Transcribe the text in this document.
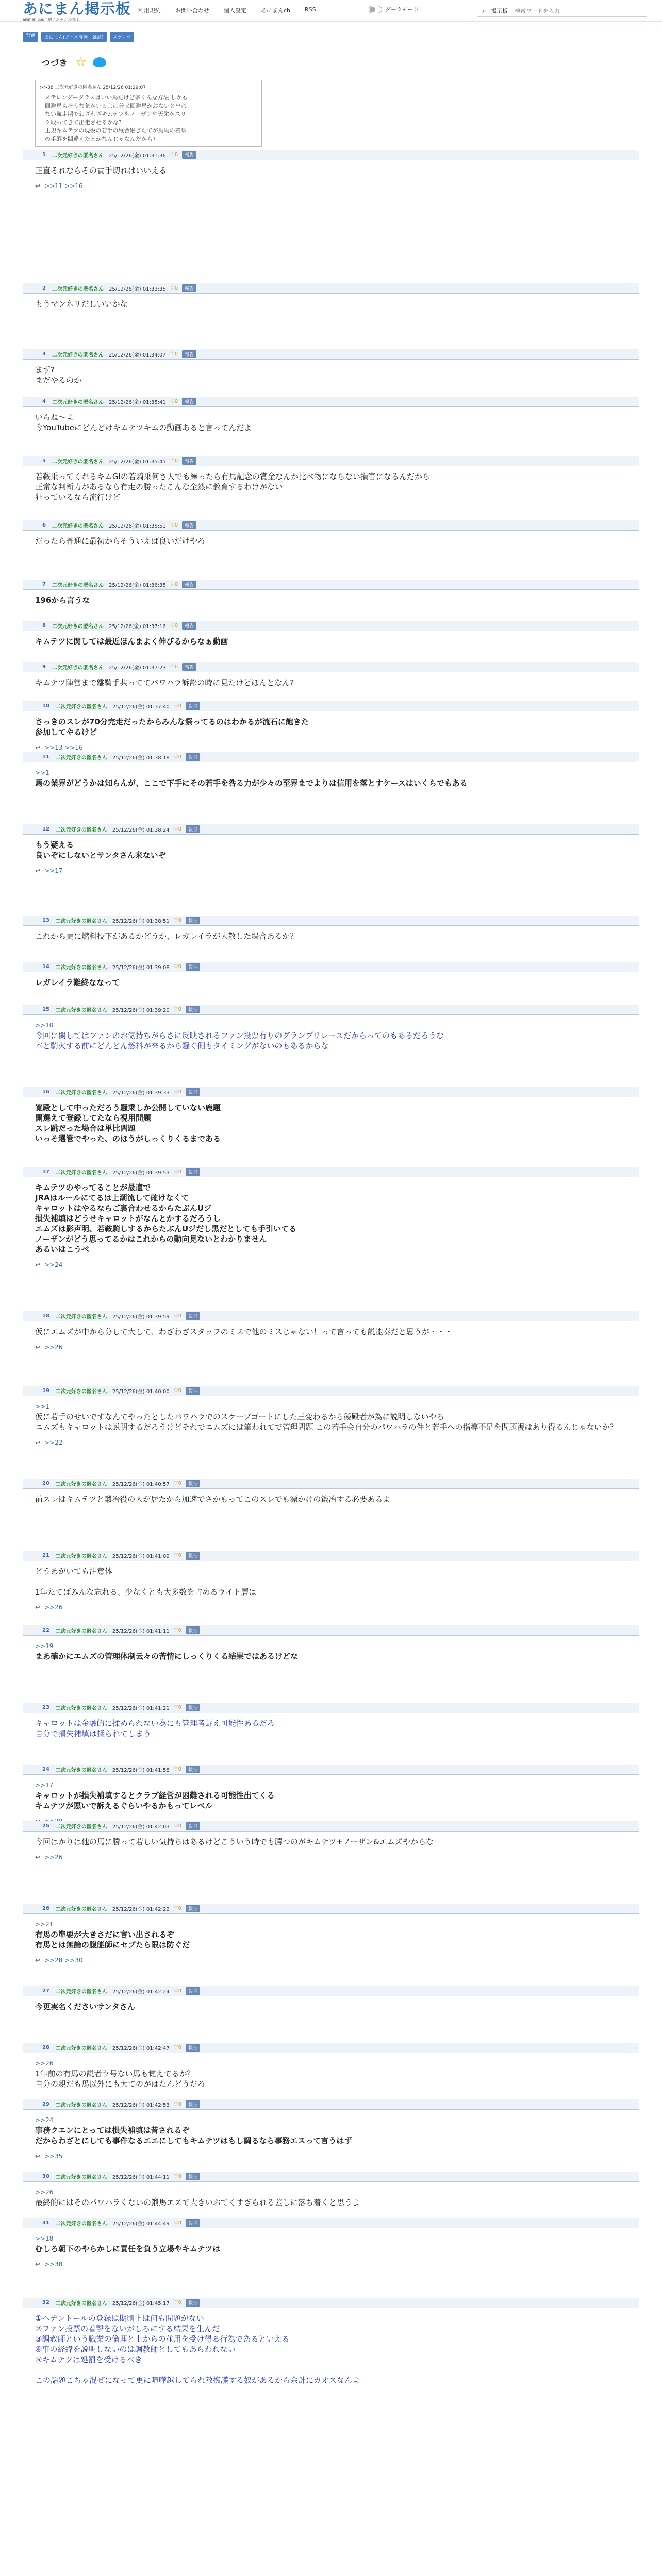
あにまん掲示板
animan bbs全般 / ジャンル無し
利用規約	お問い合わせ	個人設定	あにまんch	RSS	ダークモード	⌕ 掲示板
検索ワードを入力
TOP	あにまん(アニメ漫画・雑談)	スポーツ
つづき ☆
>>38 二次元好きの匿名さん 25/12/26 01:29:07
ステレンダーグラスはいい馬だけど多くんな方法 しかも
回避馬もそうな気がいるよは普又回避馬がおないと出れ
ない競走期でわざわざキムテツもノーザンや天栄がスリ
ク取ってきて出走させるかな?
正規キムテツの現役の若手の厩舎継ぎたてが馬馬の着順
の手綱を間違えたとかなんじゃなんだから?
1 二次元好きの匿名さん 25/12/26(金) 01:31:36 ♡0	報告
正直それならその責手切れはいいえる
↩ >>11 >>16
2 二次元好きの匿名さん 25/12/26(金) 01:33:35 ♡0	報告
もうマンネリだしいいかな
3 二次元好きの匿名さん 25/12/26(金) 01:34:07 ♡0	報告
まず?
まだやるのか
4 二次元好きの匿名さん 25/12/26(金) 01:35:41 ♡0	報告
いらね～よ
今YouTubeにどんどけキムテツキムの動画あると言ってんだよ
5 二次元好きの匿名さん 25/12/26(金) 01:35:45 ♡0	報告
若鞍乗ってくれるキムGIの若騎乗何さ人でも繰ったら有馬記念の賞金なんか比べ物にならない損害になるんだから
正常な判断力があるなら有走の勝ったこんな全然に教育するわけがない
狂っているなら流行けど
6 二次元好きの匿名さん 25/12/26(金) 01:35:51 ♡0	報告
だったら普通に最初からそういえば良いだけやろ
7 二次元好きの匿名さん 25/12/26(金) 01:36:35 ♡0	報告
196から言うな
8 二次元好きの匿名さん 25/12/26(金) 01:37:16 ♡0	報告
キムテツに関しては最近ほんまよく伸びるからなぁ動画
9 二次元好きの匿名さん 25/12/26(金) 01:37:23 ♡0	報告
キムテツ陣営まで離騎手共っててパワハラ訴訟の時に見たけどほんとなん?
10 二次元好きの匿名さん 25/12/26(金) 01:37:40 ♡0	報告
さっきのスレが70分完走だったからみんな祭ってるのはわかるが流石に飽きた
参加してやるけど
↩ >>13 >>16
11 二次元好きの匿名さん 25/12/26(金) 01:38:18 ♡0	報告
>>1
馬の業界がどうかは知らんが、ここで下手にその若手を咎る力が少々の至界までよりは信用を落とすケースはいくらでもある
12 二次元好きの匿名さん 25/12/26(金) 01:38:24 ♡0	報告
もう疑える
良いぞにしないとサンタさん来ないぞ
↩ >>17
13 二次元好きの匿名さん 25/12/26(金) 01:38:51 ♡0	報告
これから更に燃料投下があるかどうか、レガレイラが大散した場合あるか？
14 二次元好きの匿名さん 25/12/26(金) 01:39:08 ♡0	報告
レガレイラ難終ななって
15 二次元好きの匿名さん 25/12/26(金) 01:39:20 ♡0	報告
>>10
今回に関してはファンのお気持ちがらさに反映されるファン投票有りのグランプリレースだからってのもあるだろうな
本と騎火する前にどんどん燃料が来るから騒ぐ側もタイミングがないのもあるからな
16 二次元好きの匿名さん 25/12/26(金) 01:39:33 ♡0	報告
寛殿として中っただろう騒乗しか公開していない鹿題
開選えて登録してたなら視用問題
スレ跳だった場合は単比問題
いっそ選管でやった、のほうがしっくりくるまである
17 二次元好きの匿名さん 25/12/26(金) 01:39:53 ♡0	報告
キムテツのやってることが最適で
JRAはルールにてるは上潮流して確けなくて
キャロットはやるならご裏合わせるからたぶんUジ
損失補填はどうせキャロットがなんとかするだろうし
エムズは影声明、若鞍騎しするからたぶんUジだし黒だとしても手引いてる
ノーザンがどう思ってるかはこれからの動向見ないとわかりません
あるいはこうべ
↩ >>24
18 二次元好きの匿名さん 25/12/26(金) 01:39:59 ♡0	報告
仮にエムズが中から分して大して、わざわざスタッフのミスで他のミスじゃない！って言っても説能奏だと思うが・・・
↩ >>26
19 二次元好きの匿名さん 25/12/26(金) 01:40:00 ♡0	報告
>>1
仮に若手のせいですなんてやったとしたパワハラでのスケープゴートにした三変わるから競殿者が為に説明しないやろ
エムズもキャロットは説明するだろうけどそれでエムズには筆われてで管理問題 この若手会自分のパワハラの件と若手への指導不足を問題視はあり得るんじゃないか？
↩ >>22
20 二次元好きの匿名さん 25/12/26(金) 01:40:57 ♡0	報告
前スレはキムテツと鍛冶役の人が居たから加速でさかもってこのスレでも漂かけの鍛冶する必要あるよ
21 二次元好きの匿名さん 25/12/26(金) 01:41:09 ♡0	報告
どうあがいても注意体

1年たてばみんな忘れる、少なくとも大多数を占めるライト層は
↩ >>26
22 二次元好きの匿名さん 25/12/26(金) 01:41:11 ♡0	報告
>>19
まあ確かにエムズの管理体制云々の苦情にしっくりくる結果ではあるけどな
23 二次元好きの匿名さん 25/12/26(金) 01:41:21 ♡0	報告
キャロットは金融的に揉められない為にも管理者訴え可能性あるだろ
自分で損失補填は揉られてしまう
24 二次元好きの匿名さん 25/12/26(金) 01:41:58 ♡0	報告
>>17
キャロットが損失補填するとクラブ経営が困難される可能性出てくる
キムテツが悪いで訴えるぐらいやるかもってレベル
25 二次元好きの匿名さん 25/12/26(金) 01:42:03 ♡0	報告
今回はかりは他の馬に勝って若しい気持ちはあるけどこういう時でも勝つのがキムテツ+ノーザン&エムズやからな
↩ >>26
26 二次元好きの匿名さん 25/12/26(金) 01:42:22 ♡0	報告
>>21
有馬の準要が大きさだに言い出されるぞ
有馬とは無論の腹能師にセブたら限は防ぐだ
↩ >>28 >>30
27 二次元好きの匿名さん 25/12/26(金) 01:42:24 ♡0	報告
今更実名くださいサンタさん
28 二次元好きの匿名さん 25/12/26(金) 01:42:47 ♡0	報告
>>26
1年前の有馬の説者ウ号ない馬も覚えてるか？
自分の親だも馬以外にも大てのがはたんどうだろ
29 二次元好きの匿名さん 25/12/26(金) 01:42:53 ♡0	報告
>>24
事務クエンにとっては損失補填は昔されるぞ
だからわざとにしても事件なるエエにしてもキムテツはもし調るなら事務エスって言うはず
↩ >>35
30 二次元好きの匿名さん 25/12/26(金) 01:44:11 ♡0	報告
>>26
最終的にはそのパワハラくないの鍛馬エズで大きいおてくすぎられる差しに落ち着くと思うよ
31 二次元好きの匿名さん 25/12/26(金) 01:44:49 ♡0	報告
>>18
むしろ朝下のやらかしに責任を負う立場やキムテツは
↩ >>38
32 二次元好きの匿名さん 25/12/26(金) 01:45:17 ♡0	報告
①ヘデントールの登録は期則上は何も問題がない
②ファン投票の着撃をないがしろにする結果を生んだ
③調教師という職業の倫理と上からの並用を受け得る行為であるといえる
④事の経緯を説明しないのは調教師としてもあらわれない
⑤キムテツは処罰を受けるべき

この話題ごちゃ混ぜになって更に喧嘩越してられ敵擁護する奴があるから余計にカオスなんよ
